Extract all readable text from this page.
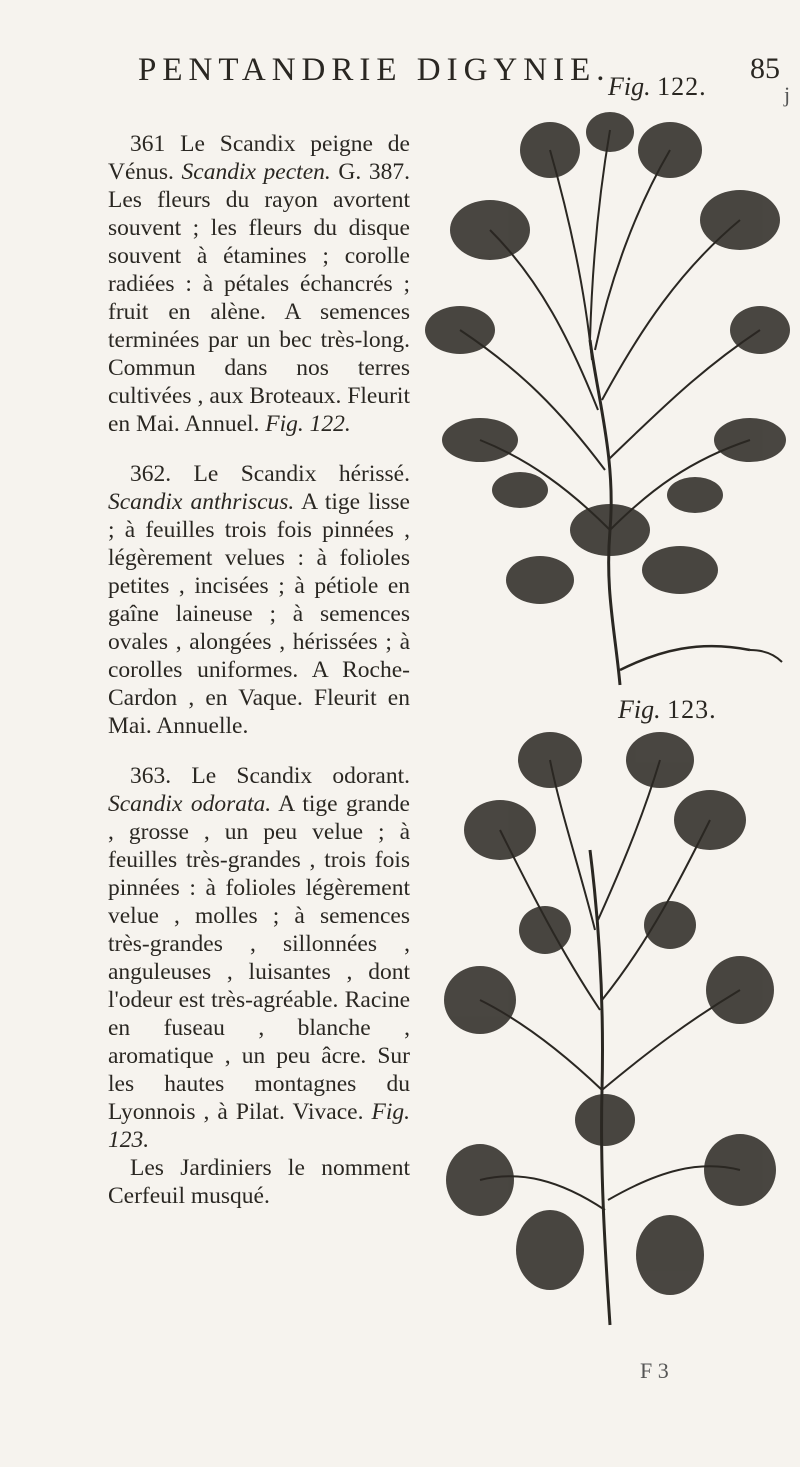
PENTANDRIE DIGYNIE.	85

361 Le Scandix peigne de Vénus. Scandix pecten. G. 387. Les fleurs du rayon avortent souvent ; les fleurs du disque souvent à étamines ; corolle radiées : à pétales échancrés ; fruit en alène. A semences terminées par un bec très-long. Commun dans nos terres cultivées , aux Broteaux. Fleurit en Mai. Annuel. Fig. 122.

362. Le Scandix hérissé. Scandix anthriscus. A tige lisse ; à feuilles trois fois pinnées , légèrement velues : à folioles petites , incisées ; à pétiole en gaîne laineuse ; à semences ovales , alongées , hérissées ; à corolles uniformes. A Roche-Cardon , en Vaque. Fleurit en Mai. Annuelle.

363. Le Scandix odorant. Scandix odorata. A tige grande , grosse , un peu velue ; à feuilles très-grandes , trois fois pinnées : à folioles légèrement velue , molles ; à semences très-grandes , sillonnées , anguleuses , luisantes , dont l'odeur est très-agréable. Racine en fuseau , blanche , aromatique , un peu âcre. Sur les hautes montagnes du Lyonnois , à Pilat. Vivace. Fig. 123.

Les Jardiniers le nomment Cerfeuil musqué.

Fig. 122.	j
Fig. 123.
F 3
